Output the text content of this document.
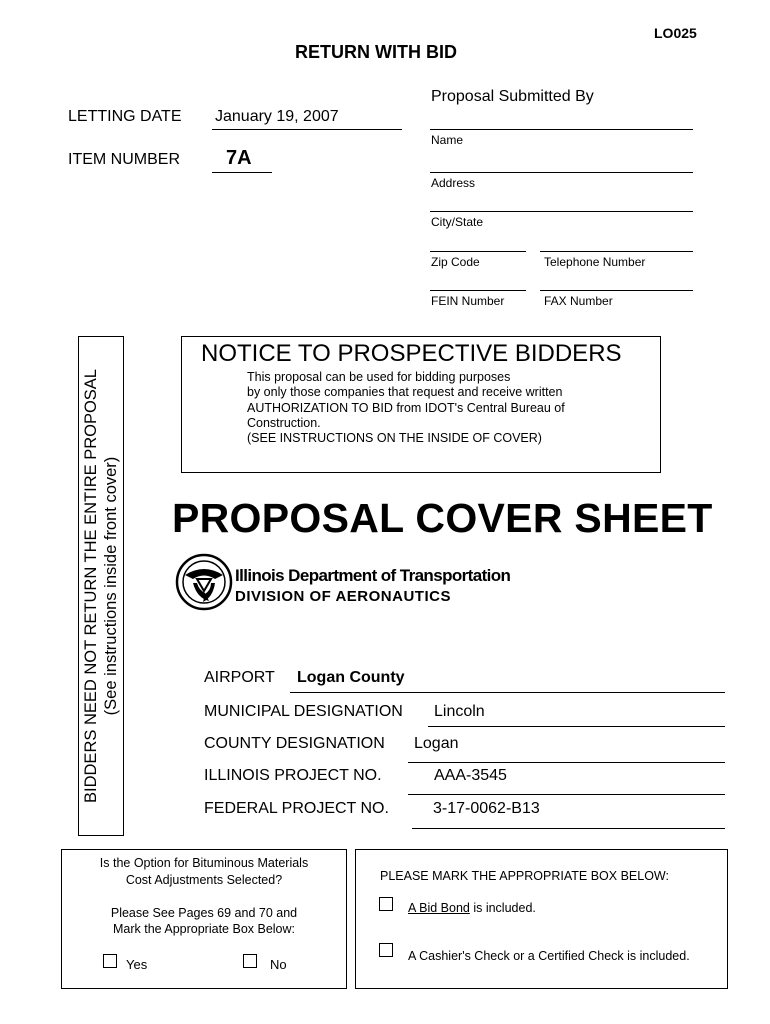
LO025
RETURN WITH BID
LETTING DATE January 19, 2007
ITEM NUMBER 7A
Proposal Submitted By
Name
Address
City/State
Zip Code	Telephone Number
FEIN Number	FAX Number
BIDDERS NEED NOT RETURN THE ENTIRE PROPOSAL (See instructions inside front cover)
NOTICE TO PROSPECTIVE BIDDERS
This proposal can be used for bidding purposes
by only those companies that request and receive written
AUTHORIZATION TO BID from IDOT's Central Bureau of
Construction.
(SEE INSTRUCTIONS ON THE INSIDE OF COVER)
PROPOSAL COVER SHEET
Illinois Department of Transportation
DIVISION OF AERONAUTICS
AIRPORT Logan County
MUNICIPAL DESIGNATION Lincoln
COUNTY DESIGNATION Logan
ILLINOIS PROJECT NO.	AAA-3545
FEDERAL PROJECT NO.	3-17-0062-B13
Is the Option for Bituminous Materials
Cost Adjustments Selected?
Please See Pages 69 and 70 and
Mark the Appropriate Box Below:
Yes	No
PLEASE MARK THE APPROPRIATE BOX BELOW:
A Bid Bond is included.
A Cashier's Check or a Certified Check is included.
